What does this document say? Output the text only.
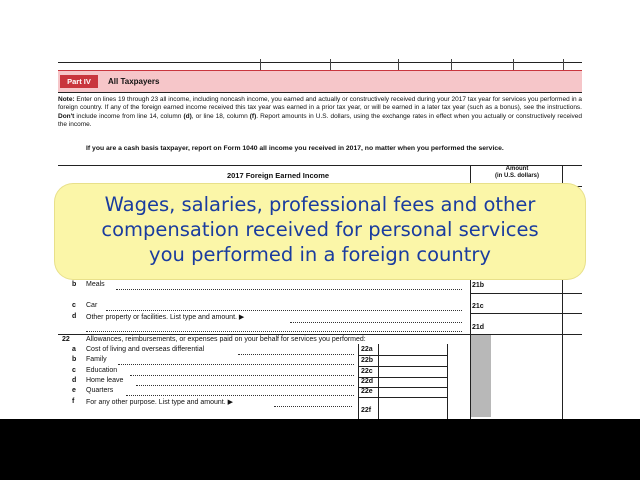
Part IV	All Taxpayers
Note: Enter on lines 19 through 23 all income, including noncash income, you earned and actually or constructively received during your 2017 tax year for services you performed in a foreign country. If any of the foreign earned income received this tax year was earned in a prior tax year, or will be earned in a later tax year (such as a bonus), see the instructions. Don't include income from line 14, column (d), or line 18, column (f). Report amounts in U.S. dollars, using the exchange rates in effect when you actually or constructively received the income.
If you are a cash basis taxpayer, report on Form 1040 all income you received in 2017, no matter when you performed the service.
2017 Foreign Earned Income
Amount
(in U.S. dollars)
b Meals	21b
c Car	21c
d Other property or facilities. List type and amount. ▶
21d
22 Allowances, reimbursements, or expenses paid on your behalf for services you performed:
a Cost of living and overseas differential	22a
b Family	22b
c Education	22c
d Home leave	22d
e Quarters	22e
f For any other purpose. List type and amount. ▶
22f
Wages, salaries, professional fees and other
compensation received for personal services
you performed in a foreign country
